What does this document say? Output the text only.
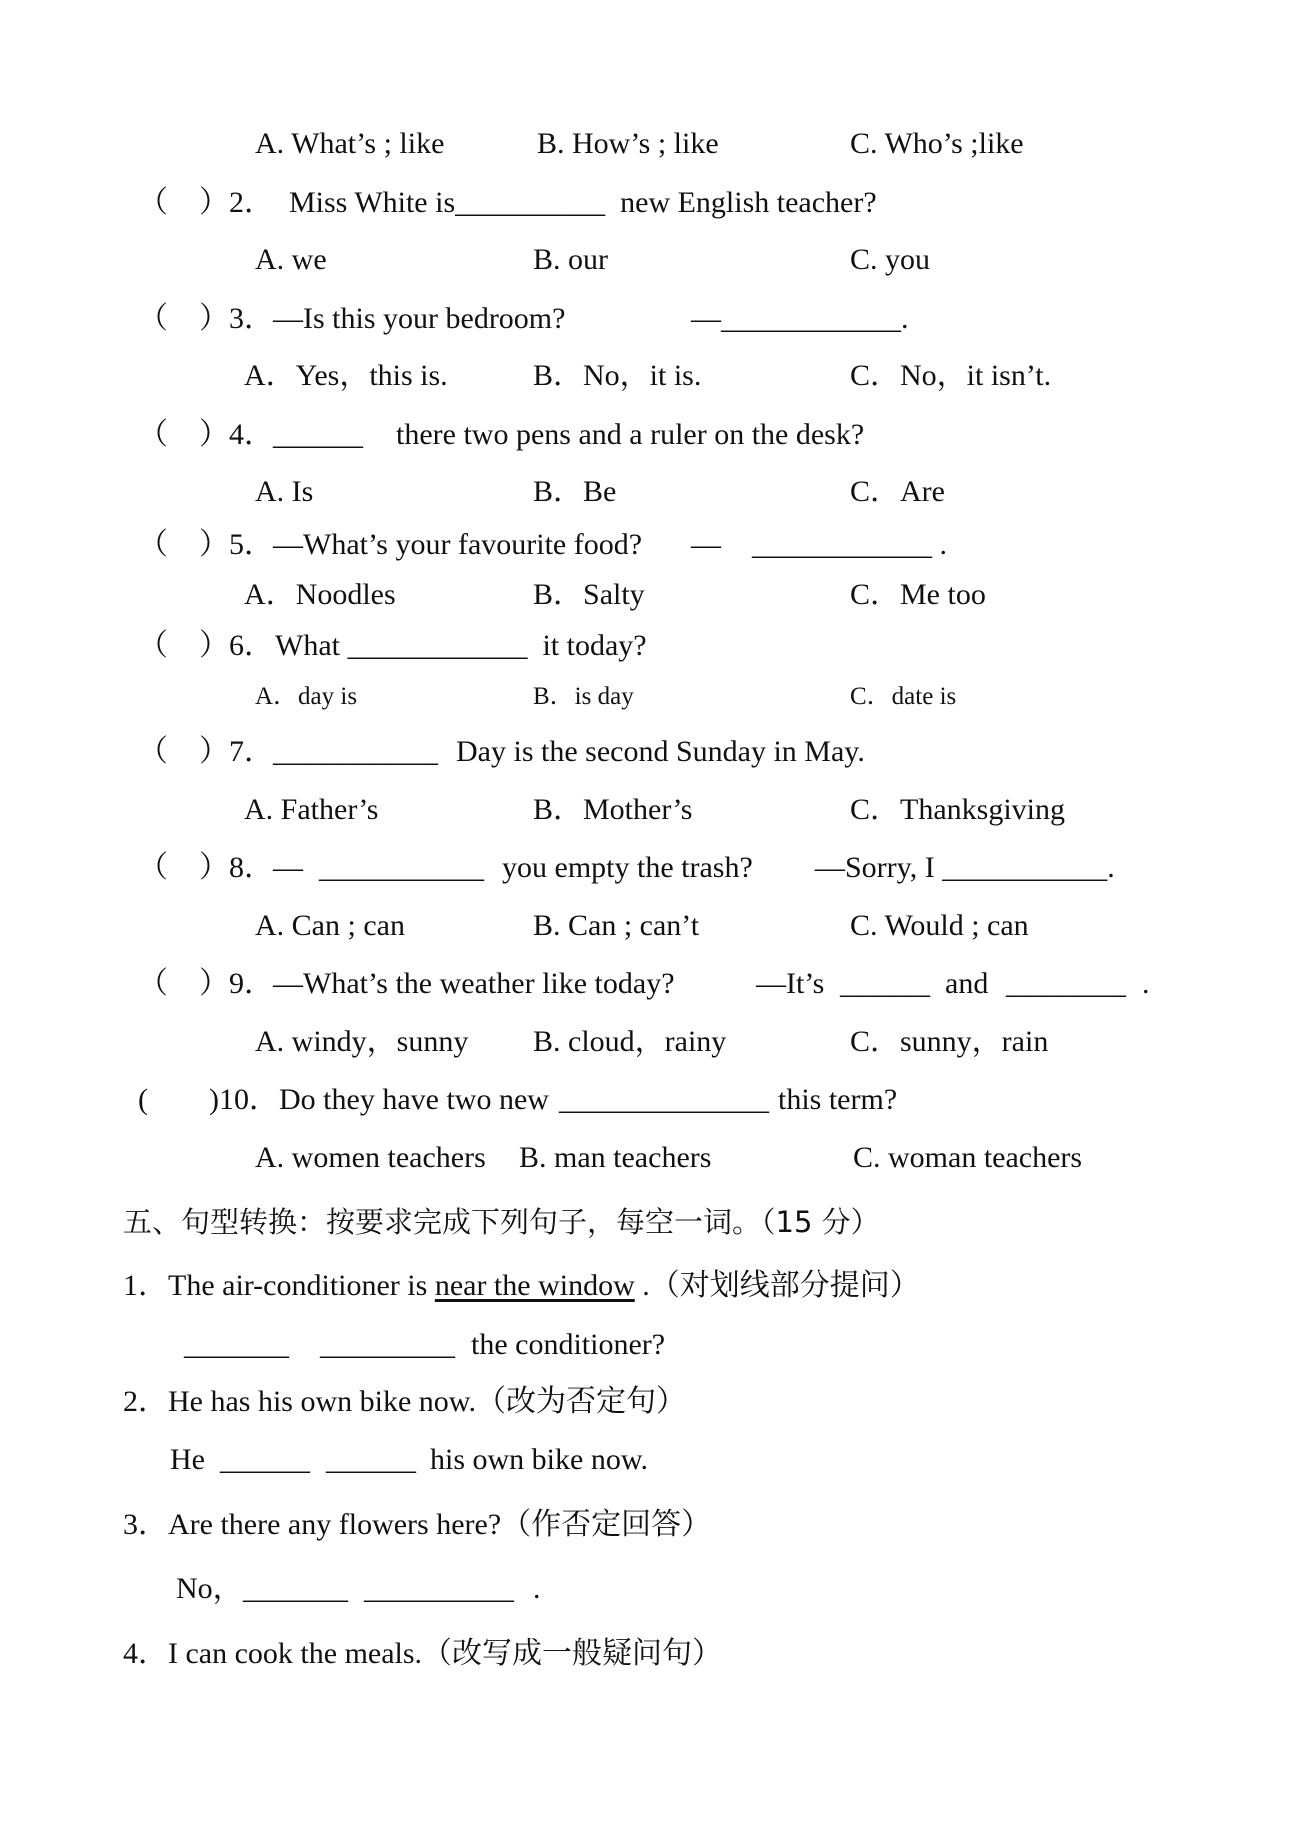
A. What’s ; like	B. How’s ; like	C. Who’s ;like
（ ）2． Miss White is__________  new English teacher?
A. we	B. our	C. you
（ ）3． —Is this your bedroom?	—____________.
A．Yes，this is.	B．No，it is.	C．No，it isn’t.
（ ）4． ______ there two pens and a ruler on the desk?
A. Is	B．Be	C．Are
（ ）5． —What’s your favourite food? — ____________ .
A．Noodles	B．Salty	C．Me too
（ ）6． What ____________  it today?
A．day is	B．is day	C．date is
（ ）7． ___________ Day is the second Sunday in May.
A. Father’s	B．Mother’s	C．Thanksgiving
（ ）8． — ___________ you empty the trash? —Sorry, I ___________.
A. Can ; can	B. Can ; can’t	C. Would ; can
（ ）9． —What’s the weather like today?	—It’s ______ and ________ .
A. windy，sunny B. cloud，rainy	C．sunny，rain
( )10． Do they have two new ______________ this term?
A. women teachers B. man teachers	C. woman teachers
五、句型转换：按要求完成下列句子，每空一词。（15 分）
1．The air-conditioner is near the window .（对划线部分提问）
_______ _________ the conditioner?
2．He has his own bike now.（改为否定句）
He ______ ______ his own bike now.
3．Are there any flowers here?（作否定回答）
No， _______ __________ .
4．I can cook the meals.（改写成一般疑问句）
